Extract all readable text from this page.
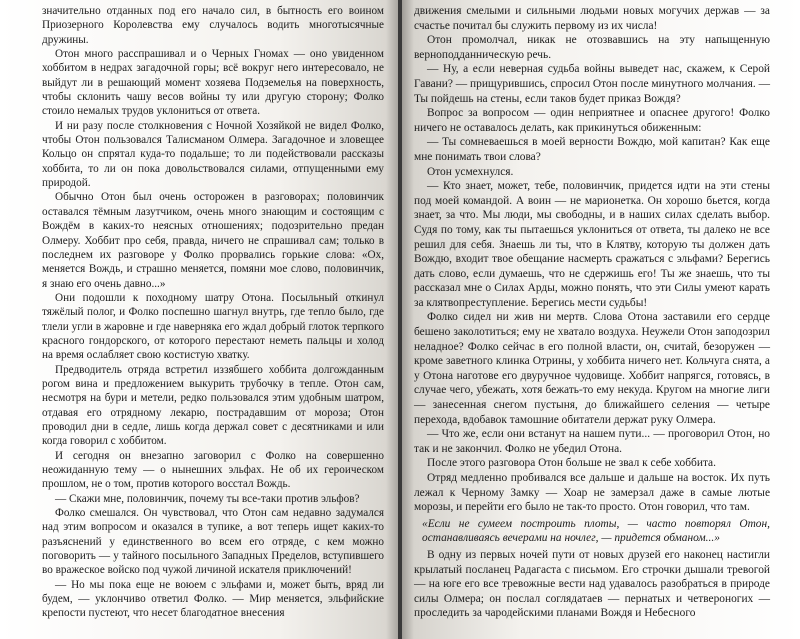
значительно отданных под его начало сил, в бытность его воином Приозерного Королевства ему случалось водить многотысячные дружины.

Отон много расспрашивал и о Черных Гномах — оно увиденном хоббитом в недрах загадочной горы; всё вокруг него интересовало, не выйдут ли в решающий момент хозяева Подземелья на поверхность, чтобы склонить чашу весов войны ту или другую сторону; Фолко стоило немалых трудов уклониться от ответа.

И ни разу после столкновения с Ночной Хозяйкой не видел Фолко, чтобы Отон пользовался Талисманом Олмера. Загадочное и зловещее Кольцо он спрятал куда-то подальше; то ли подействовали рассказы хоббита, то ли он пока довольствовался силами, отпущенными ему природой.

Обычно Отон был очень осторожен в разговорах; половинчик оставался тёмным лазутчиком, очень много знающим и состоящим с Вождём в каких-то неясных отношениях; подозрительно предан Олмеру. Хоббит про себя, правда, ничего не спрашивал сам; только в последнем их разговоре у Фолко прорвались горькие слова: «Ох, меняется Вождь, и страшно меняется, помяни мое слово, половинчик, я знаю его очень давно...»

Они подошли к походному шатру Отона. Посыльный откинул тяжёлый полог, и Фолко поспешно шагнул внутрь, где тепло было, где тлели угли в жаровне и где наверняка его ждал добрый глоток терпкого красного гондорского, от которого перестают неметь пальцы и холод на время ослабляет свою костистую хватку.

Предводитель отряда встретил иззябшего хоббита долгожданным рогом вина и предложением выкурить трубочку в тепле. Отон сам, несмотря на бури и метели, редко пользовался этим удобным шатром, отдавая его отрядному лекарю, пострадавшим от мороза; Отон проводил дни в седле, лишь когда держал совет с десятниками и или когда говорил с хоббитом.

И сегодня он внезапно заговорил с Фолко на совершенно неожиданную тему — о нынешних эльфах. Не об их героическом прошлом, не о том, против которого восстал Вождь.

— Скажи мне, половинчик, почему ты все-таки против эльфов?

Фолко смешался. Он чувствовал, что Отон сам недавно задумался над этим вопросом и оказался в тупике, а вот теперь ищет каких-то разъяснений у единственного во всем его отряде, с кем можно поговорить — у тайного посыльного Западных Пределов, вступившего во вражеское войско под чужой личиной искателя приключений!

— Но мы пока еще не воюем с эльфами и, может быть, вряд ли будем, — уклончиво ответил Фолко. — Мир меняется, эльфийские крепости пустеют, что несет благодатное внесения

движения смелыми и сильными людьми новых могучих держав — за счастье почитал бы служить первому из их числа!

Отон промолчал, никак не отозвавшись на эту напыщенную верноподданническую речь.

— Ну, а если неверная судьба войны выведет нас, скажем, к Серой Гавани? — прищурившись, спросил Отон после минутного молчания. — Ты пойдешь на стены, если таков будет приказ Вождя?

Вопрос за вопросом — один неприятнее и опаснее другого! Фолко ничего не оставалось делать, как прикинуться обиженным:

— Ты сомневаешься в моей верности Вождю, мой капитан? Как еще мне понимать твои слова?

Отон усмехнулся.

— Кто знает, может, тебе, половинчик, придется идти на эти стены под моей командой. А воин — не марионетка. Он хорошо бьется, когда знает, за что. Мы люди, мы свободны, и в наших силах сделать выбор. Судя по тому, как ты пытаешься уклониться от ответа, ты далеко не все решил для себя. Знаешь ли ты, что в Клятву, которую ты должен дать Вождю, входит твое обещание насмерть сражаться с эльфами? Берегись дать слово, если думаешь, что не сдержишь его! Ты же знаешь, что ты рассказал мне о Силах Арды, можно понять, что эти Силы умеют карать за клятвопреступление. Берегись мести судьбы!

Фолко сидел ни жив ни мертв. Слова Отона заставили его сердце бешено заколотиться; ему не хватало воздуха. Неужели Отон заподозрил неладное? Фолко сейчас в его полной власти, он, считай, безоружен — кроме заветного клинка Отрины, у хоббита ничего нет. Кольчуга снята, а у Отона наготове его двуручное чудовище. Хоббит напрягся, готовясь, в случае чего, убежать, хотя бежать-то ему некуда. Кругом на многие лиги — занесенная снегом пустыня, до ближайшего селения — четыре перехода, вдобавок тамошние обитатели держат руку Олмера.

— Что же, если они встанут на нашем пути... — проговорил Отон, но так и не закончил. Фолко не убедил Отона.

После этого разговора Отон больше не звал к себе хоббита.

Отряд медленно пробивался все дальше и дальше на восток. Их путь лежал к Черному Замку — Хоар не замерзал даже в самые лютые морозы, и перейти его было не так-то просто. Отон говорил, что там.

«Если не сумеем построить плоты, — часто повторял Отон, останавливаясь вечерами на ночлег, — придется обманом...»

В одну из первых ночей пути от новых друзей его наконец настигли крылатый посланец Радагаста с письмом. Его строчки дышали тревогой — на юге его все тревожные вести над удавалось разобраться в природе силы Олмера; он послал соглядатаев — пернатых и четвероногих — проследить за чародейскими планами Вождя и Небесного
